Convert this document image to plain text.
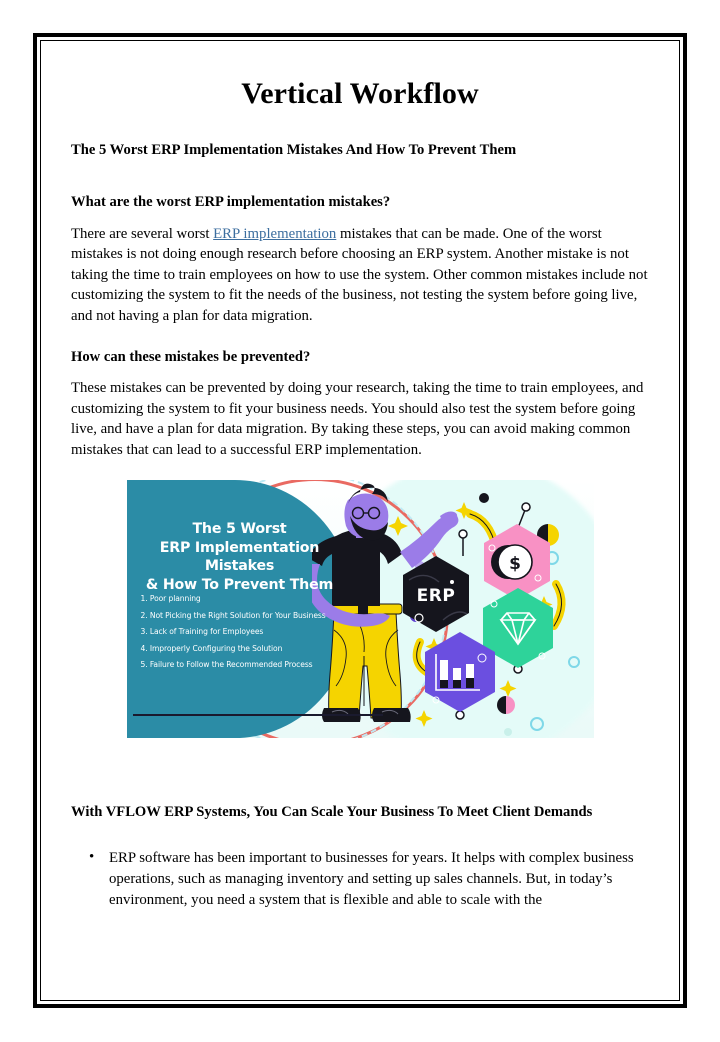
Vertical Workflow
The 5 Worst ERP Implementation Mistakes And How To Prevent Them
What are the worst ERP implementation mistakes?

There are several worst ERP implementation mistakes that can be made. One of the worst mistakes is not doing enough research before choosing an ERP system. Another mistake is not taking the time to train employees on how to use the system. Other common mistakes include not customizing the system to fit the needs of the business, not testing the system before going live, and not having a plan for data migration.

How can these mistakes be prevented?

These mistakes can be prevented by doing your research, taking the time to train employees, and customizing the system to fit your business needs. You should also test the system before going live, and have a plan for data migration. By taking these steps, you can avoid making common mistakes that can lead to a successful ERP implementation.

The 5 Worst
ERP Implementation Mistakes
& How To Prevent Them
1. Poor planning
2. Not Picking the Right Solution for Your Business
3. Lack of Training for Employees
4. Improperly Configuring the Solution
5. Failure to Follow the Recommended Process
$
ERP
With VFLOW ERP Systems, You Can Scale Your Business To Meet Client Demands
• ERP software has been important to businesses for years. It helps with complex business operations, such as managing inventory and setting up sales channels. But, in today’s environment, you need a system that is flexible and able to scale with the
